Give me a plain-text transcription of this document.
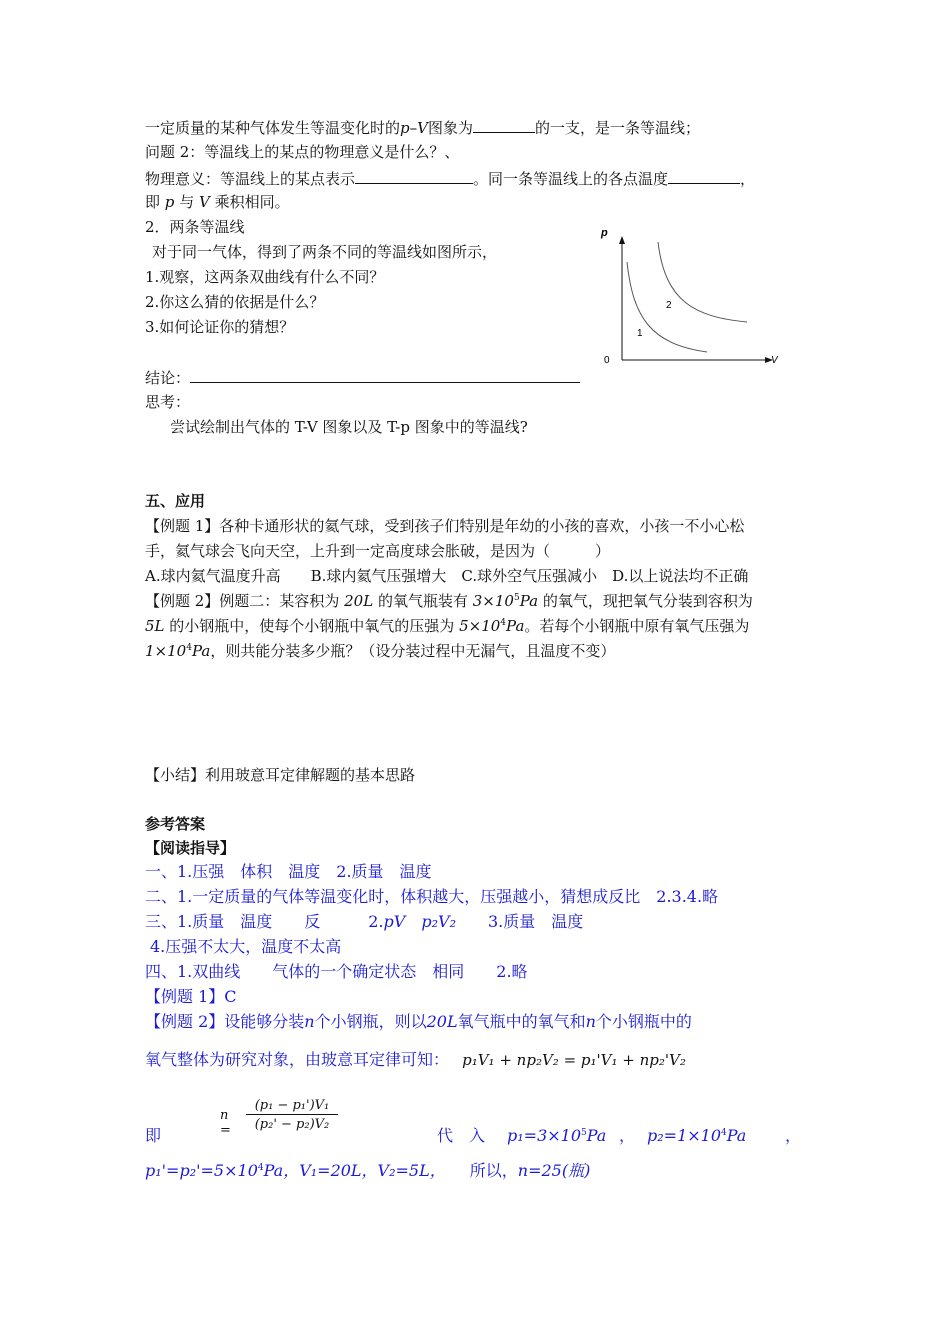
一定质量的某种气体发生等温变化时的p–V图象为	的一支，是一条等温线；
问题 2：等温线上的某点的物理意义是什么？、
物理意义：等温线上的某点表示	。同一条等温线上的各点温度	，
即 p 与 V 乘积相同。
2．两条等温线
对于同一气体，得到了两条不同的等温线如图所示，
1.观察，这两条双曲线有什么不同？
2.你这么猜的依据是什么？
3.如何论证你的猜想？
p
V
0
1
2
结论：
思考：
尝试绘制出气体的 T-V 图象以及 T-p 图象中的等温线?
五、应用
【例题 1】各种卡通形状的氦气球，受到孩子们特别是年幼的小孩的喜欢，小孩一不小心松
手，氦气球会飞向天空，上升到一定高度球会胀破，是因为（　　　）
A.球内氦气温度升高　　B.球内氦气压强增大　C.球外空气压强减小　D.以上说法均不正确
【例题 2】例题二：某容积为 20L 的氧气瓶装有 $3\times 10^5Pa$ 的氧气，现把氧气分装到容积为
5L 的小钢瓶中，使每个小钢瓶中氧气的压强为 $5\times 10^4Pa$。若每个小钢瓶中原有氧气压强为
$1\times 10^4Pa$，则共能分装多少瓶？（设分装过程中无漏气，且温度不变）
【小结】利用玻意耳定律解题的基本思路
参考答案
【阅读指导】
一、1.压强　体积　温度　2.质量　温度
二、1.一定质量的气体等温变化时，体积越大，压强越小，猜想成反比　2.3.4.略
三、1.质量　温度　　反　　　2.pV　 p₂V₂　　 3.质量　温度
4.压强不太大，温度不太高
四、1.双曲线　　气体的一个确定状态　相同　　2.略
【例题 1】C
【例题 2】设能够分装n个小钢瓶，则以20L氧气瓶中的氧气和n个小钢瓶中的
氧气整体为研究对象，由玻意耳定律可知： p₁V₁ + np₂V₂ = p₁'V₁ + np₂'V₂
$n = \frac{\text{(p₁ − p₁')V₁}}{\text{(p₂' − p₂)V₂}}$
即	代　入 $p_1=3\times 10^5Pa$ ， $p_2=1\times 10^4Pa$ ，
$p_1'=p_2'=5\times 10^4Pa$，V₁=20L，V₂=5L，　　 所以，n=25(瓶)
